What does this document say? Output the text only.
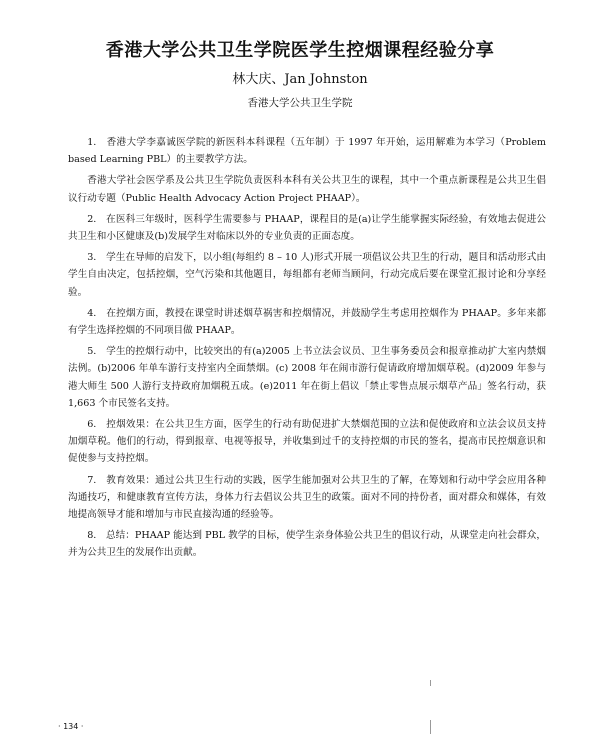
香港大学公共卫生学院医学生控烟课程经验分享

林大庆、Jan Johnston

香港大学公共卫生学院

1.　香港大学李嘉诚医学院的新医科本科课程（五年制）于 1997 年开始，运用解难为本学习（Problem based Learning PBL）的主要教学方法。

香港大学社会医学系及公共卫生学院负责医科本科有关公共卫生的课程，其中一个重点新课程是公共卫生倡议行动专题（Public Health Advocacy Action Project PHAAP）。

2.　在医科三年级时，医科学生需要参与 PHAAP，课程目的是(a)让学生能掌握实际经验，有效地去促进公共卫生和小区健康及(b)发展学生对临床以外的专业负责的正面态度。

3.　学生在导师的启发下，以小组(每组约 8 – 10 人)形式开展一项倡议公共卫生的行动，题目和活动形式由学生自由决定，包括控烟，空气污染和其他题目，每组都有老师当顾问，行动完成后要在课堂汇报讨论和分享经验。

4.　在控烟方面，教授在课堂时讲述烟草祸害和控烟情况，并鼓励学生考虑用控烟作为 PHAAP。多年来都有学生选择控烟的不同项目做 PHAAP。

5.　学生的控烟行动中，比较突出的有(a)2005 上书立法会议员、卫生事务委员会和报章推动扩大室内禁烟法例。(b)2006 年单车游行支持室内全面禁烟。(c) 2008 年在闹市游行促请政府增加烟草税。(d)2009 年参与港大师生 500 人游行支持政府加烟税五成。(e)2011 年在街上倡议「禁止零售点展示烟草产品」签名行动，获 1,663 个市民签名支持。

6.　控烟效果：在公共卫生方面，医学生的行动有助促进扩大禁烟范围的立法和促使政府和立法会议员支持加烟草税。他们的行动，得到报章、电视等报导，并收集到过千的支持控烟的市民的签名，提高市民控烟意识和促使参与支持控烟。

7.　教育效果：通过公共卫生行动的实践，医学生能加强对公共卫生的了解，在筹划和行动中学会应用各种沟通技巧，和健康教育宣传方法，身体力行去倡议公共卫生的政策。面对不同的持份者，面对群众和媒体，有效地提高领导才能和增加与市民直接沟通的经验等。

8.　总结：PHAAP 能达到 PBL 教学的目标，使学生亲身体验公共卫生的倡议行动，从课堂走向社会群众，并为公共卫生的发展作出贡献。

· 134 ·
